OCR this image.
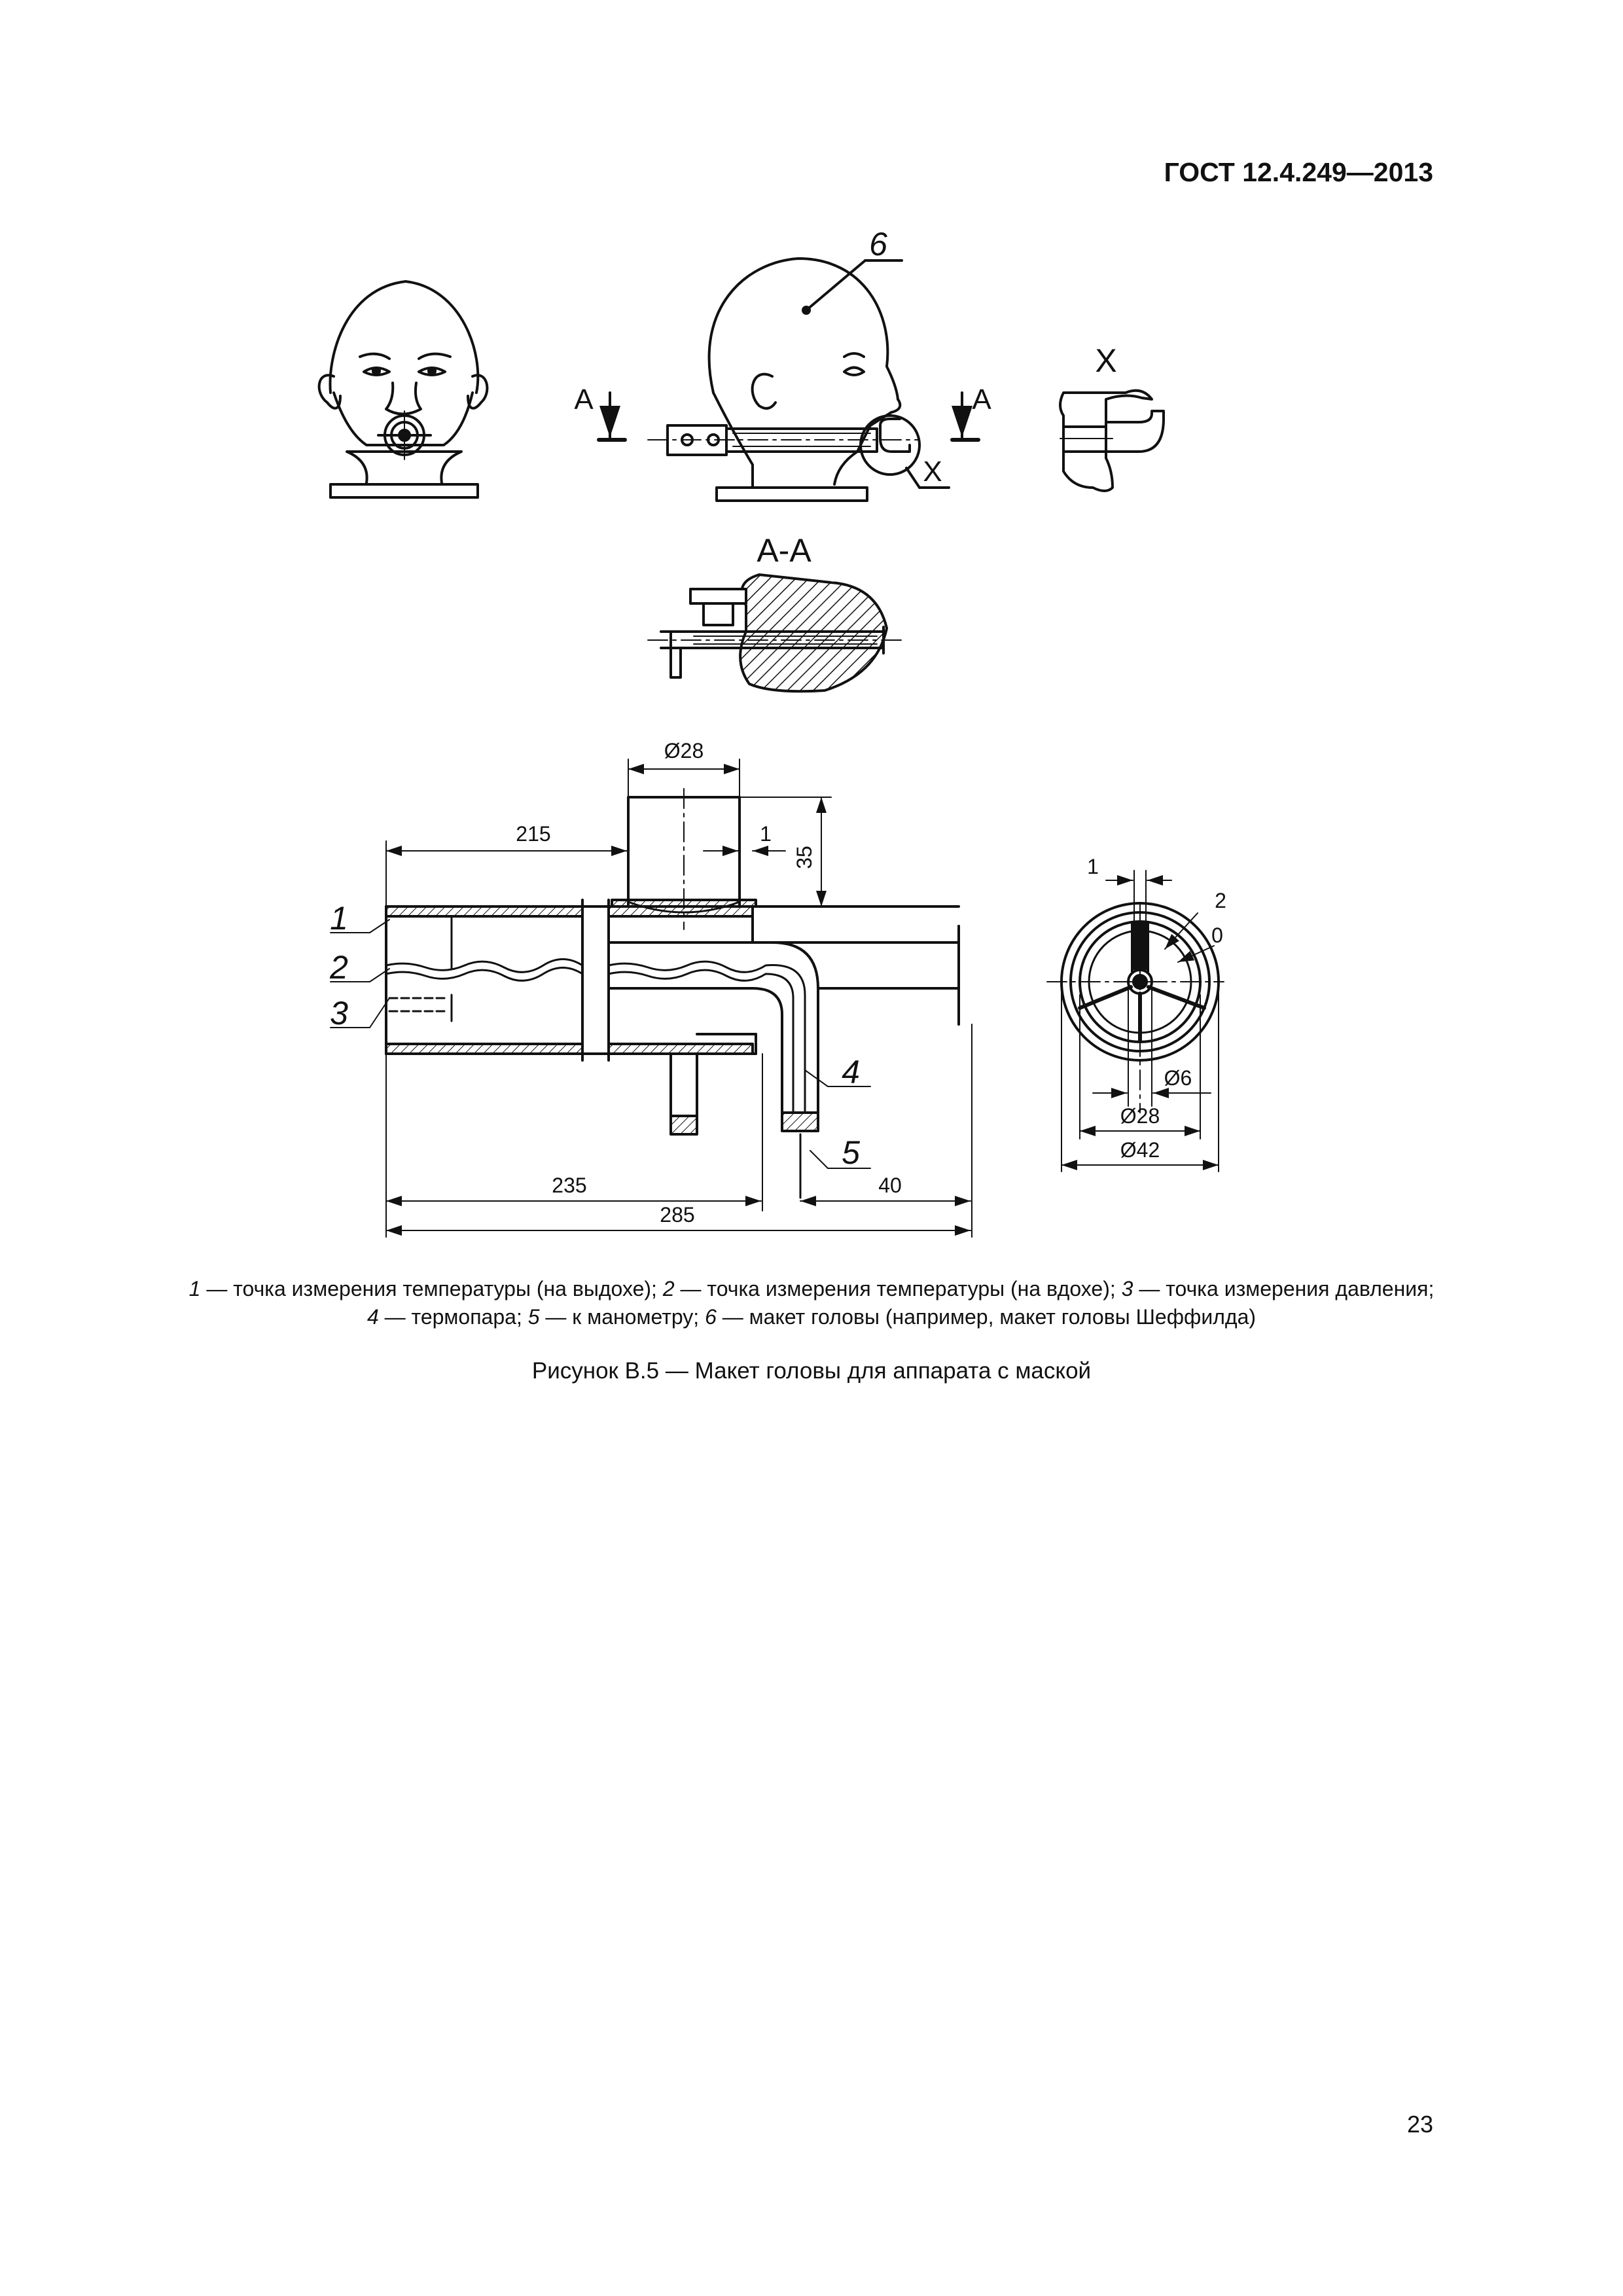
ГОСТ 12.4.249—2013
А	А
Х
Х
А-А
6
1
2
3
4
5
Ø28
215	1
35
235	40
285
1
2
0
Ø6
Ø28
Ø42
1 — точка измерения температуры (на выдохе); 2 — точка измерения температуры (на вдохе); 3 — точка измерения давления;
4 — термопара; 5 — к манометру; 6 — макет головы (например, макет головы Шеффилда)
Рисунок В.5 — Макет головы для аппарата с маской
23
